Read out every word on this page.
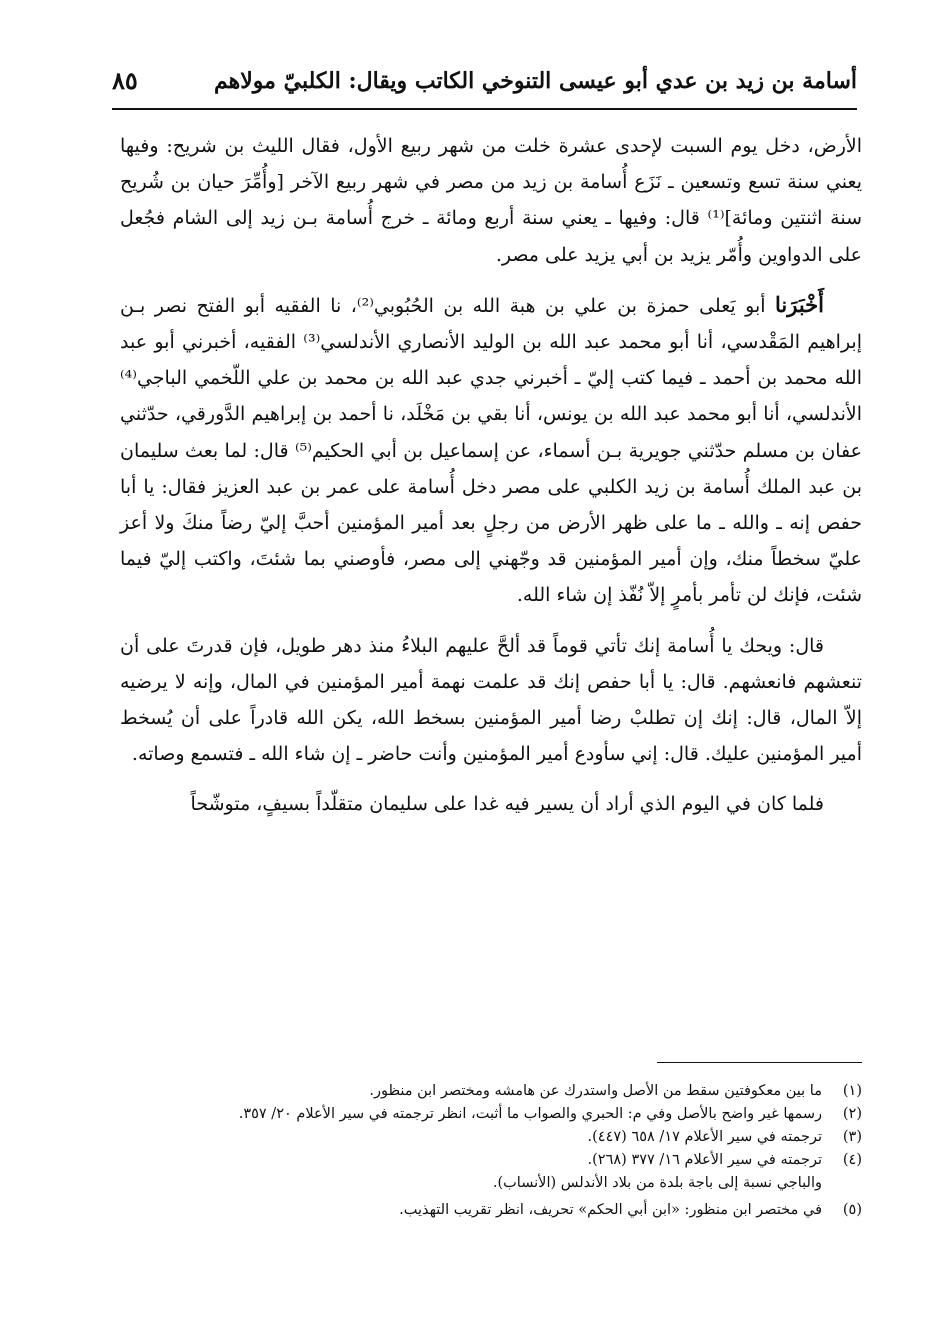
أسامة بن زيد بن عدي أبو عيسى التنوخي الكاتب ويقال: الكلبيّ مولاهم
٨٥

الأرض، دخل يوم السبت لإحدى عشرة خلت من شهر ربيع الأول، فقال الليث بن شريح: وفيها يعني سنة تسع وتسعين ـ نَزَع أُسامة بن زيد من مصر في شهر ربيع الآخر [وأُمِّرَ حيان بن شُريح سنة اثنتين ومائة]⁽¹⁾ قال: وفيها ـ يعني سنة أربع ومائة ـ خرج أُسامة بـن زيد إلى الشام فجُعل على الدواوين وأُمّر يزيد بن أبي يزيد على مصر.

أَخْبَرَنا أبو يَعلى حمزة بن علي بن هبة الله بن الحُبُوبي⁽²⁾، نا الفقيه أبو الفتح نصر بـن إبراهيم المَقْدسي، أنا أبو محمد عبد الله بن الوليد الأنصاري الأندلسي⁽³⁾ الفقيه، أخبرني أبو عبد الله محمد بن أحمد ـ فيما كتب إليّ ـ أخبرني جدي عبد الله بن محمد بن علي اللّخمي الباجي⁽⁴⁾ الأندلسي، أنا أبو محمد عبد الله بن يونس، أنا بقي بن مَخْلَد، نا أحمد بن إبراهيم الدَّورقي، حدّثني عفان بن مسلم حدّثني جويرية بـن أسماء، عن إسماعيل بن أبي الحكيم⁽⁵⁾ قال: لما بعث سليمان بن عبد الملك أُسامة بن زيد الكلبي على مصر دخل أُسامة على عمر بن عبد العزيز فقال: يا أبا حفص إنه ـ والله ـ ما على ظهر الأرض من رجلٍ بعد أمير المؤمنين أحبَّ إليّ رضاً منكَ ولا أعز عليّ سخطاً منك، وإن أمير المؤمنين قد وجّهني إلى مصر، فأوصني بما شئتَ، واكتب إليّ فيما شئت، فإنك لن تأمر بأمرٍ إلاّ نُفّذ إن شاء الله.

قال: ويحك يا أُسامة إنك تأتي قوماً قد ألحَّ عليهم البلاءُ منذ دهر طويل، فإن قدرتَ على أن تنعشهم فانعشهم. قال: يا أبا حفص إنك قد علمت نهمة أمير المؤمنين في المال، وإنه لا يرضيه إلاّ المال، قال: إنك إن تطلبْ رضا أمير المؤمنين بسخط الله، يكن الله قادراً على أن يُسخط أمير المؤمنين عليك. قال: إني سأودع أمير المؤمنين وأنت حاضر ـ إن شاء الله ـ فتسمع وصاته.

فلما كان في اليوم الذي أراد أن يسير فيه غدا على سليمان متقلّداً بسيفٍ، متوشّحاً

(١)
ما بين معكوفتين سقط من الأصل واستدرك عن هامشه ومختصر ابن منظور.
(٢)
رسمها غير واضح بالأصل وفي م: الحبري والصواب ما أثبت، انظر ترجمته في سير الأعلام ٢٠/ ٣٥٧.
(٣)
ترجمته في سير الأعلام ١٧/ ٦٥٨ (٤٤٧).
(٤)
ترجمته في سير الأعلام ١٦/ ٣٧٧ (٢٦٨).
والباجي نسبة إلى باجة بلدة من بلاد الأندلس (الأنساب).
(٥)
في مختصر ابن منظور: «ابن أبي الحكم» تحريف، انظر تقريب التهذيب.
